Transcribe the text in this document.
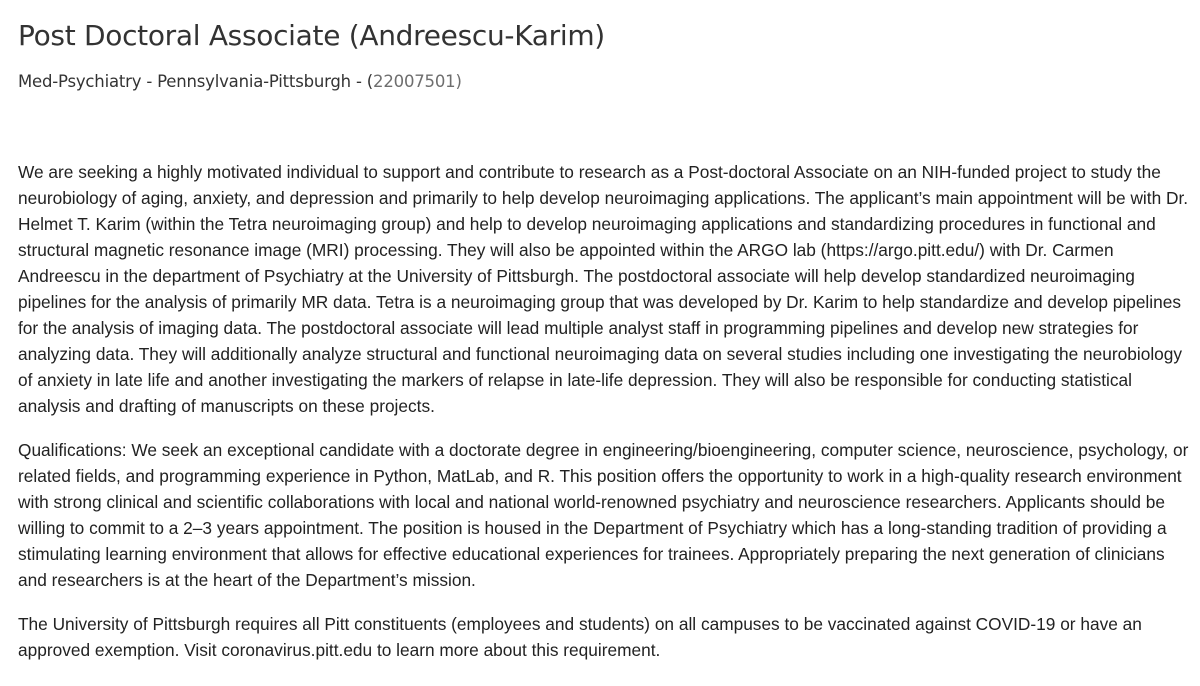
Post Doctoral Associate (Andreescu-Karim)
Med-Psychiatry - Pennsylvania-Pittsburgh - (22007501)

We are seeking a highly motivated individual to support and contribute to research as a Post-doctoral Associate on an NIH-funded project to study the neurobiology of aging, anxiety, and depression and primarily to help develop neuroimaging applications. The applicant’s main appointment will be with Dr. Helmet T. Karim (within the Tetra neuroimaging group) and help to develop neuroimaging applications and standardizing procedures in functional and structural magnetic resonance image (MRI) processing. They will also be appointed within the ARGO lab (https://argo.pitt.edu/) with Dr. Carmen Andreescu in the department of Psychiatry at the University of Pittsburgh. The postdoctoral associate will help develop standardized neuroimaging pipelines for the analysis of primarily MR data. Tetra is a neuroimaging group that was developed by Dr. Karim to help standardize and develop pipelines for the analysis of imaging data. The postdoctoral associate will lead multiple analyst staff in programming pipelines and develop new strategies for analyzing data. They will additionally analyze structural and functional neuroimaging data on several studies including one investigating the neurobiology of anxiety in late life and another investigating the markers of relapse in late-life depression. They will also be responsible for conducting statistical analysis and drafting of manuscripts on these projects.

Qualifications: We seek an exceptional candidate with a doctorate degree in engineering/bioengineering, computer science, neuroscience, psychology, or related fields, and programming experience in Python, MatLab, and R. This position offers the opportunity to work in a high-quality research environment with strong clinical and scientific collaborations with local and national world-renowned psychiatry and neuroscience researchers. Applicants should be willing to commit to a 2–3 years appointment. The position is housed in the Department of Psychiatry which has a long-standing tradition of providing a stimulating learning environment that allows for effective educational experiences for trainees. Appropriately preparing the next generation of clinicians and researchers is at the heart of the Department’s mission.

The University of Pittsburgh requires all Pitt constituents (employees and students) on all campuses to be vaccinated against COVID-19 or have an approved exemption. Visit coronavirus.pitt.edu to learn more about this requirement.
